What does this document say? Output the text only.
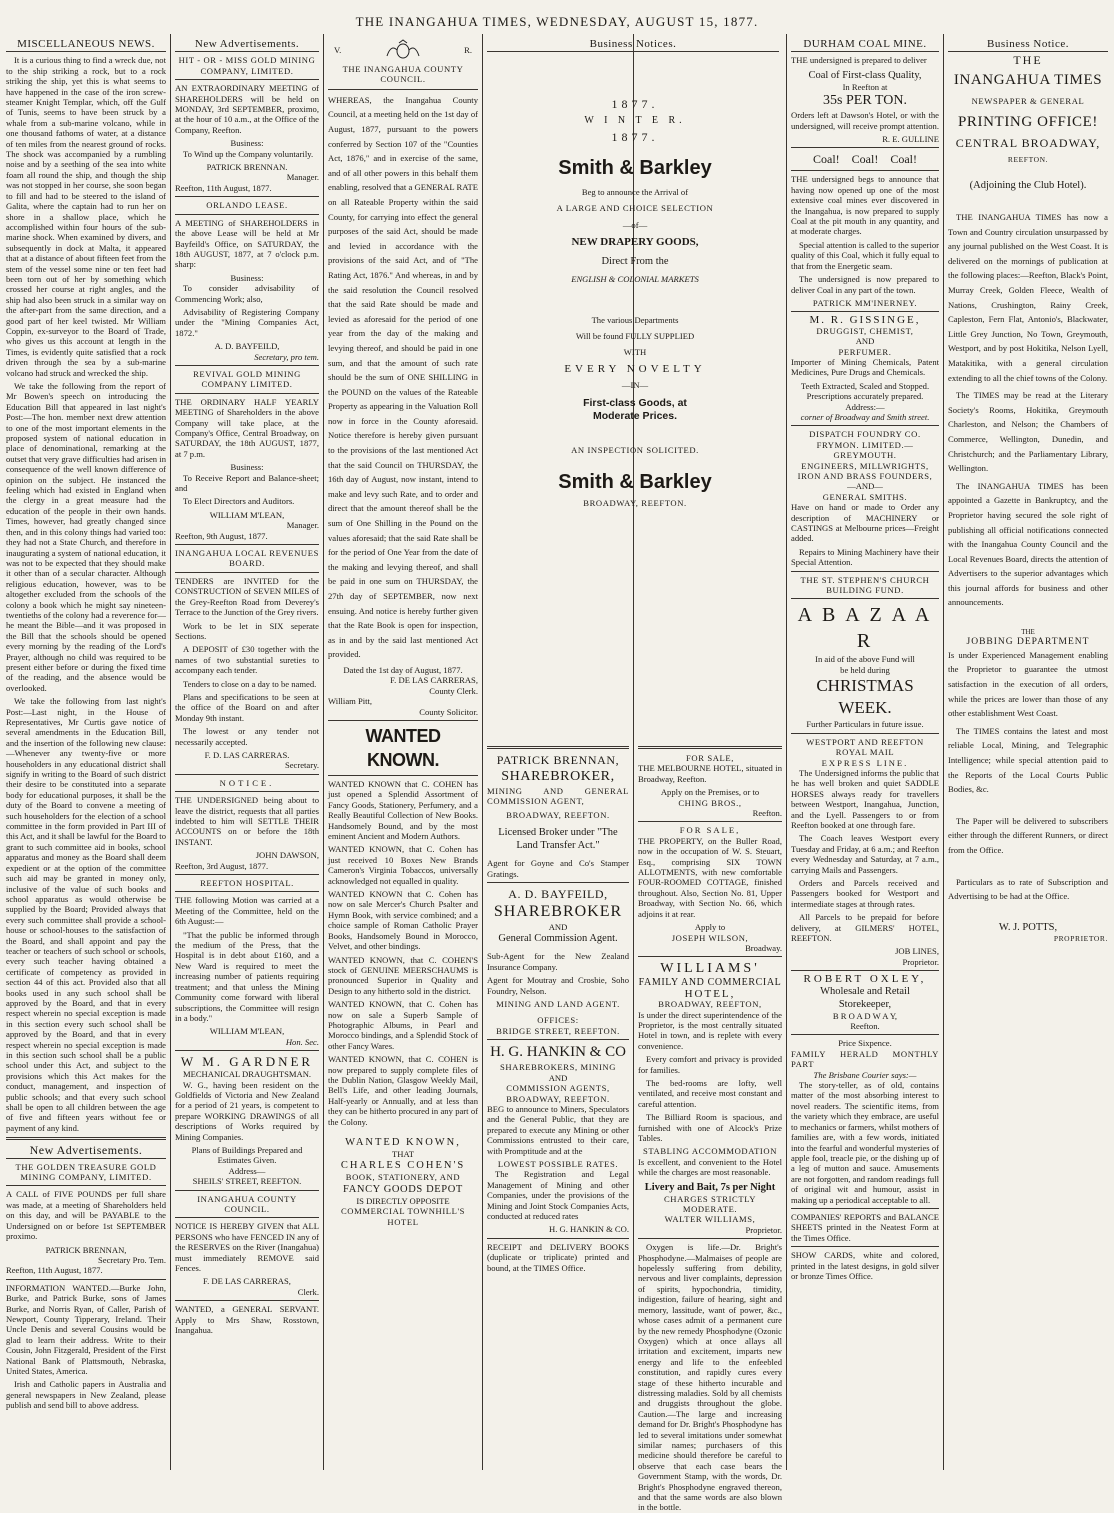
THE INANGAHUA TIMES, WEDNESDAY, AUGUST 15, 1877.
MISCELLANEOUS NEWS.

It is a curious thing to find a wreck due, not to the ship striking a rock, but to a rock striking the ship, yet this is what seems to have happened in the case of the iron screw-steamer Knight Templar, which, off the Gulf of Tunis, seems to have been struck by a whale from a sub-marine volcano, while in one thousand fathoms of water, at a distance of ten miles from the nearest ground of rocks. The shock was accompanied by a rumbling noise and by a seething of the sea into white foam all round the ship, and though the ship was not stopped in her course, she soon began to fill and had to be steered to the island of Galita, where the captain had to run her on shore in a shallow place, which he accomplished within four hours of the sub-marine shock. When examined by divers, and subsequently in dock at Malta, it appeared that at a distance of about fifteen feet from the stem of the vessel some nine or ten feet had been torn out of her by something which crossed her course at right angles, and the ship had also been struck in a similar way on the after-part from the same direction, and a good part of her keel twisted. Mr William Coppin, ex-surveyor to the Board of Trade, who gives us this account at length in the Times, is evidently quite satisfied that a rock driven through the sea by a sub-marine volcano had struck and wrecked the ship.

We take the following from the report of Mr Bowen's speech on introducing the Education Bill that appeared in last night's Post:—The hon. member next drew attention to one of the most important elements in the proposed system of national education in place of denominational, remarking at the outset that very grave difficulties had arisen in consequence of the well known difference of opinion on the subject. He instanced the feeling which had existed in England when the clergy in a great measure had the education of the people in their own hands. Times, however, had greatly changed since then, and in this colony things had varied too: they had not a State Church, and therefore in inaugurating a system of national education, it was not to be expected that they should make it other than of a secular character. Although religious education, however, was to be altogether excluded from the schools of the colony a book which he might say nineteen-twentieths of the colony had a reverence for—he meant the Bible—and it was proposed in the Bill that the schools should be opened every morning by the reading of the Lord's Prayer, although no child was required to be present either before or during the fixed time of the reading, and the absence would be overlooked.

We take the following from last night's Post:—Last night, in the House of Representatives, Mr Curtis gave notice of several amendments in the Education Bill, and the insertion of the following new clause:—Whenever any twenty-five or more householders in any educational district shall signify in writing to the Board of such district their desire to be constituted into a separate body for educational purposes, it shall be the duty of the Board to convene a meeting of such householders for the election of a school committee in the form provided in Part III of this Act, and it shall be lawful for the Board to grant to such committee aid in books, school apparatus and money as the Board shall deem expedient or at the option of the committee such aid may be granted in money only, inclusive of the value of such books and school apparatus as would otherwise be supplied by the Board; Provided always that every such committee shall provide a school-house or school-houses to the satisfaction of the Board, and shall appoint and pay the teacher or teachers of such school or schools, every such teacher having obtained a certificate of competency as provided in section 44 of this act. Provided also that all books used in any such school shall be approved by the Board, and that in every respect wherein no special exception is made in this section every such school shall be approved by the Board, and that in every respect wherein no special exception is made in this section such school shall be a public school under this Act, and subject to the provisions which this Act makes for the conduct, management, and inspection of public schools; and that every such school shall be open to all children between the age of five and fifteen years without fee or payment of any kind.

New Advertisements.
THE GOLDEN TREASURE GOLD MINING COMPANY, LIMITED.

A CALL of FIVE POUNDS per full share was made, at a meeting of Shareholders held on this day, and will be PAYABLE to the Undersigned on or before 1st SEPTEMBER proximo.

PATRICK BRENNAN,
Secretary Pro. Tem.
Reefton, 11th August, 1877.

INFORMATION WANTED.—Burke John, Burke, and Patrick Burke, sons of James Burke, and Norris Ryan, of Caller, Parish of Newport, County Tipperary, Ireland. Their Uncle Denis and several Cousins would be glad to learn their address. Write to their Cousin, John Fitzgerald, President of the First National Bank of Plattsmouth, Nebraska, United States, America.

Irish and Catholic papers in Australia and general newspapers in New Zealand, please publish and send bill to above address.

New Advertisements.
HIT - OR - MISS GOLD MINING COMPANY, LIMITED.

AN EXTRAORDINARY MEETING of SHAREHOLDERS will be held on MONDAY, 3rd SEPTEMBER, proximo, at the hour of 10 a.m., at the Office of the Company, Reefton.

Business:

To Wind up the Company voluntarily.

PATRICK BRENNAN.
Manager.
Reefton, 11th August, 1877.
ORLANDO LEASE.

A MEETING of SHAREHOLDERS in the above Lease will be held at Mr Bayfeild's Office, on SATURDAY, the 18th AUGUST, 1877, at 7 o'clock p.m. sharp:

Business:

To consider advisability of Commencing Work; also,

Advisability of Registering Company under the "Mining Companies Act, 1872."

A. D. BAYFEILD,
Secretary, pro tem.
REVIVAL GOLD MINING COMPANY LIMITED.

THE ORDINARY HALF YEARLY MEETING of Shareholders in the above Company will take place, at the Company's Office, Central Broadway, on SATURDAY, the 18th AUGUST, 1877, at 7 p.m.

Business:

To Receive Report and Balance-sheet; and

To Elect Directors and Auditors.

WILLIAM M'LEAN,
Manager.
Reefton, 9th August, 1877.
INANGAHUA LOCAL REVENUES BOARD.

TENDERS are INVITED for the CONSTRUCTION of SEVEN MILES of the Grey-Reefton Road from Deverey's Terrace to the Junction of the Grey rivers.

Work to be let in SIX seperate Sections.

A DEPOSIT of £30 together with the names of two substantial sureties to accompany each tender.

Tenders to close on a day to be named.

Plans and specifications to be seen at the office of the Board on and after Monday 9th instant.

The lowest or any tender not necessarily accepted.

F. D. LAS CARRERAS.
Secretary.
NOTICE.

THE UNDERSIGNED being about to leave the district, requests that all parties indebted to him will SETTLE THEIR ACCOUNTS on or before the 18th INSTANT.

JOHN DAWSON,
Reefton, 3rd August, 1877.
REEFTON HOSPITAL.

THE following Motion was carried at a Meeting of the Committee, held on the 6th August:—

"That the public be informed through the medium of the Press, that the Hospital is in debt about £160, and a New Ward is required to meet the increasing number of patients requiring treatment; and that unless the Mining Community come forward with liberal subscriptions, the Committee will resign in a body."

WILLIAM M'LEAN,
Hon. Sec.
W M. GARDNER
MECHANICAL DRAUGHTSMAN.

W. G., having been resident on the Goldfields of Victoria and New Zealand for a period of 21 years, is competent to prepare WORKING DRAWINGS of all descriptions of Works required by Mining Companies.

Plans of Buildings Prepared and Estimates Given.
Address—
SHEILS' STREET, REEFTON.
INANGAHUA COUNTY COUNCIL.

NOTICE IS HEREBY GIVEN that ALL PERSONS who have FENCED IN any of the RESERVES on the River (Inangahua) must immediately REMOVE said Fences.

F. DE LAS CARRERAS,
Clerk.

WANTED, a GENERAL SERVANT. Apply to Mrs Shaw, Rosstown, Inangahua.

V.	R.
THE INANGAHUA COUNTY COUNCIL.

WHEREAS, the Inangahua County Council, at a meeting held on the 1st day of August, 1877, pursuant to the powers conferred by Section 107 of the "Counties Act, 1876," and in exercise of the same, and of all other powers in this behalf them enabling, resolved that a GENERAL RATE on all Rateable Property within the said County, for carrying into effect the general purposes of the said Act, should be made and levied in accordance with the provisions of the said Act, and of "The Rating Act, 1876." And whereas, in and by the said resolution the Council resolved that the said Rate should be made and levied as aforesaid for the period of one year from the day of the making and levying thereof, and should be paid in one sum, and that the amount of such rate should be the sum of ONE SHILLING in the POUND on the values of the Rateable Property as appearing in the Valuation Roll now in force in the County aforesaid. Notice therefore is hereby given pursuant to the provisions of the last mentioned Act that the said Council on THURSDAY, the 16th day of August, now instant, intend to make and levy such Rate, and to order and direct that the amount thereof shall be the sum of One Shilling in the Pound on the values aforesaid; that the said Rate shall be for the period of One Year from the date of the making and levying thereof, and shall be paid in one sum on THURSDAY, the 27th day of SEPTEMBER, now next ensuing. And notice is hereby further given that the Rate Book is open for inspection, as in and by the said last mentioned Act provided.

Dated the 1st day of August, 1877.
F. DE LAS CARRERAS,
County Clerk.
William Pitt,
County Solicitor.
WANTED KNOWN.

WANTED KNOWN that C. COHEN has just opened a Splendid Assortment of Fancy Goods, Stationery, Perfumery, and a Really Beautiful Collection of New Books. Handsomely Bound, and by the most eminent Ancient and Modern Authors.

WANTED KNOWN, that C. Cohen has just received 10 Boxes New Brands Cameron's Virginia Tobaccos, universally acknowledged not equalled in quality.

WANTED KNOWN that C. Cohen has now on sale Mercer's Church Psalter and Hymn Book, with service combined; and a choice sample of Roman Catholic Prayer Books, Handsomely Bound in Morocco, Velvet, and other bindings.

WANTED KNOWN, that C. COHEN'S stock of GENUINE MEERSCHAUMS is pronounced Superior in Quality and Design to any hitherto sold in the district.

WANTED KNOWN, that C. Cohen has now on sale a Superb Sample of Photographic Albums, in Pearl and Morocco bindings, and a Splendid Stock of other Fancy Wares.

WANTED KNOWN, that C. COHEN is now prepared to supply complete files of the Dublin Nation, Glasgow Weekly Mail, Bell's Life, and other leading Journals, Half-yearly or Annually, and at less than they can be hitherto procured in any part of the Colony.

WANTED KNOWN,
THAT
CHARLES COHEN'S
BOOK, STATIONERY, AND
FANCY GOODS DEPOT
IS DIRECTLY OPPOSITE
COMMERCIAL TOWNHILL'S HOTEL
Business Notices.
1877.
W I N T E R.
1877.
Smith & Barkley
Beg to announce the Arrival of
A LARGE AND CHOICE SELECTION
—of—
NEW DRAPERY GOODS,
Direct From the
ENGLISH & COLONIAL MARKETS
The various Departments
Will be found FULLY SUPPLIED
WITH
EVERY NOVELTY
—IN—
First-class Goods, at Moderate Prices.
AN INSPECTION SOLICITED.
Smith & Barkley
BROADWAY, REEFTON.
PATRICK BRENNAN,
SHAREBROKER,

MINING AND GENERAL COMMISSION AGENT,

BROADWAY, REEFTON.
Licensed Broker under "The Land Transfer Act."

Agent for Goyne and Co's Stamper Gratings.

A. D. BAYFEILD,
SHAREBROKER
AND
General Commission Agent.

Sub-Agent for the New Zealand Insurance Company.

Agent for Moutray and Crosbie, Soho Foundry, Nelson.

MINING AND LAND AGENT.
OFFICES:
BRIDGE STREET, REEFTON.
H. G. HANKIN & CO
SHAREBROKERS, MINING
AND
COMMISSION AGENTS,
BROADWAY, REEFTON.

BEG to announce to Miners, Speculators and the General Public, that they are prepared to execute any Mining or other Commissions entrusted to their care, with Promptitude and at the

LOWEST POSSIBLE RATES.

The Registration and Legal Management of Mining and other Companies, under the provisions of the Mining and Joint Stock Companies Acts, conducted at reduced rates

H. G. HANKIN & CO.

RECEIPT and DELIVERY BOOKS (duplicate or triplicate) printed and bound, at the TIMES Office.

FOR SALE,

THE MELBOURNE HOTEL, situated in Broadway, Reefton.

Apply on the Premises, or to
CHING BROS.,
Reefton.
FOR SALE,

THE PROPERTY, on the Buller Road, now in the occupation of W. S. Steuart, Esq., comprising SIX TOWN ALLOTMENTS, with new comfortable FOUR-ROOMED COTTAGE, finished throughout. Also, Section No. 81, Upper Broadway, with Section No. 66, which adjoins it at rear.

Apply to
JOSEPH WILSON,
Broadway.
WILLIAMS'
FAMILY AND COMMERCIAL
HOTEL,
BROADWAY, REEFTON,

Is under the direct superintendence of the Proprietor, is the most centrally situated Hotel in town, and is replete with every convenience.

Every comfort and privacy is provided for families.

The bed-rooms are lofty, well ventilated, and receive most constant and careful attention.

The Billiard Room is spacious, and furnished with one of Alcock's Prize Tables.

STABLING ACCOMMODATION

Is excellent, and convenient to the Hotel while the charges are most reasonable.

Livery and Bait, 7s per Night
CHARGES STRICTLY MODERATE.
WALTER WILLIAMS,
Proprietor.

Oxygen is life.—Dr. Bright's Phosphodyne.—Malmaises of people are hopelessly suffering from debility, nervous and liver complaints, depression of spirits, hypochondria, timidity, indigestion, failure of hearing, sight and memory, lassitude, want of power, &c., whose cases admit of a permanent cure by the new remedy Phosphodyne (Ozonic Oxygen) which at once allays all irritation and excitement, imparts new energy and life to the enfeebled constitution, and rapidly cures every stage of these hitherto incurable and distressing maladies. Sold by all chemists and druggists throughout the globe. Caution.—The large and increasing demand for Dr. Bright's Phosphodyne has led to several imitations under somewhat similar names; purchasers of this medicine should therefore be careful to observe that each case bears the Government Stamp, with the words, Dr. Bright's Phosphodyne engraved thereon, and that the same words are also blown in the bottle.

DURHAM COAL MINE.

THE undersigned is prepared to deliver

Coal of First-class Quality,
In Reefton at
35s PER TON.

Orders left at Dawson's Hotel, or with the undersigned, will receive prompt attention.

R. E. GULLINE
Coal!    Coal!    Coal!

THE undersigned begs to announce that having now opened up one of the most extensive coal mines ever discovered in the Inangahua, is now prepared to supply Coal at the pit mouth in any quantity, and at moderate charges.

Special attention is called to the superior quality of this Coal, which it fully equal to that from the Energetic seam.

The undersigned is now prepared to deliver Coal in any part of the town.

PATRICK MM'INERNEY.
M. R. GISSINGE,
DRUGGIST, CHEMIST,
AND
PERFUMER.

Importer of Mining Chemicals, Patent Medicines, Pure Drugs and Chemicals.

Teeth Extracted, Scaled and Stopped.
Prescriptions accurately prepared.
Address:—
corner of Broadway and Smith street.
DISPATCH FOUNDRY CO. FRYMON. LIMITED.—GREYMOUTH.
ENGINEERS, MILLWRIGHTS, IRON AND BRASS FOUNDERS,
—AND—
GENERAL SMITHS.

Have on hand or made to Order any description of MACHINERY or CASTINGS at Melbourne prices—Freight added.

Repairs to Mining Machinery have their Special Attention.

THE ST. STEPHEN'S CHURCH BUILDING FUND.
A B A Z A A R
In aid of the above Fund will
be held during
CHRISTMAS WEEK.
Further Particulars in future issue.
WESTPORT AND REEFTON
ROYAL MAIL
EXPRESS LINE.

The Undersigned informs the public that he has well broken and quiet SADDLE HORSES always ready for travellers between Westport, Inangahua, Junction, and the Lyell. Passengers to or from Reefton booked at one through fare.

The Coach leaves Westport every Tuesday and Friday, at 6 a.m.; and Reefton every Wednesday and Saturday, at 7 a.m., carrying Mails and Passengers.

Orders and Parcels received and Passengers booked for Westport and intermediate stages at through rates.

All Parcels to be prepaid for before delivery, at GILMERS' HOTEL, REEFTON.

JOB LINES,
Proprietor.
ROBERT OXLEY,
Wholesale and Retail
Storekeeper,
B R O A D W A Y,
Reefton.
Price Sixpence.
FAMILY HERALD MONTHLY PART
The Brisbane Courier says:—

The story-teller, as of old, contains matter of the most absorbing interest to novel readers. The scientific items, from the variety which they embrace, are useful to mechanics or farmers, whilst mothers of families are, with a few words, initiated into the fearful and wonderful mysteries of apple fool, treacle pie, or the dishing up of a leg of mutton and sauce. Amusements are not forgotten, and random readings full of original wit and humour, assist in making up a periodical acceptable to all.

COMPANIES' REPORTS and BALANCE SHEETS printed in the Neatest Form at the Times Office.

SHOW CARDS, white and colored, printed in the latest designs, in gold silver or bronze Times Office.

Business Notice.
THE
INANGAHUA TIMES
NEWSPAPER & GENERAL
PRINTING OFFICE!
CENTRAL BROADWAY,
REEFTON.
(Adjoining the Club Hotel).

THE INANGAHUA TIMES has now a Town and Country circulation unsurpassed by any journal published on the West Coast. It is delivered on the mornings of publication at the following places:—Reefton, Black's Point, Murray Creek, Golden Fleece, Wealth of Nations, Crushington, Rainy Creek, Capleston, Fern Flat, Antonio's, Blackwater, Little Grey Junction, No Town, Greymouth, Westport, and by post Hokitika, Nelson Lyell, Matakitika, with a general circulation extending to all the chief towns of the Colony.

The TIMES may be read at the Literary Society's Rooms, Hokitika, Greymouth Charleston, and Nelson; the Chambers of Commerce, Wellington, Dunedin, and Christchurch; and the Parliamentary Library, Wellington.

The INANGAHUA TIMES has been appointed a Gazette in Bankruptcy, and the Proprietor having secured the sole right of publishing all official notifications connected with the Inangahua County Council and the Local Revenues Board, directs the attention of Advertisers to the superior advantages which this journal affords for business and other announcements.

THE
JOBBING DEPARTMENT

Is under Experienced Management enabling the Proprietor to guarantee the utmost satisfaction in the execution of all orders, while the prices are lower than those of any other establishment West Coast.

The TIMES contains the latest and most reliable Local, Mining, and Telegraphic Intelligence; while special attention paid to the Reports of the Local Courts Public Bodies, &c.

The Paper will be delivered to subscribers either through the different Runners, or direct from the Office.

Particulars as to rate of Subscription and Advertising to be had at the Office.

W. J. POTTS,
PROPRIETOR.
